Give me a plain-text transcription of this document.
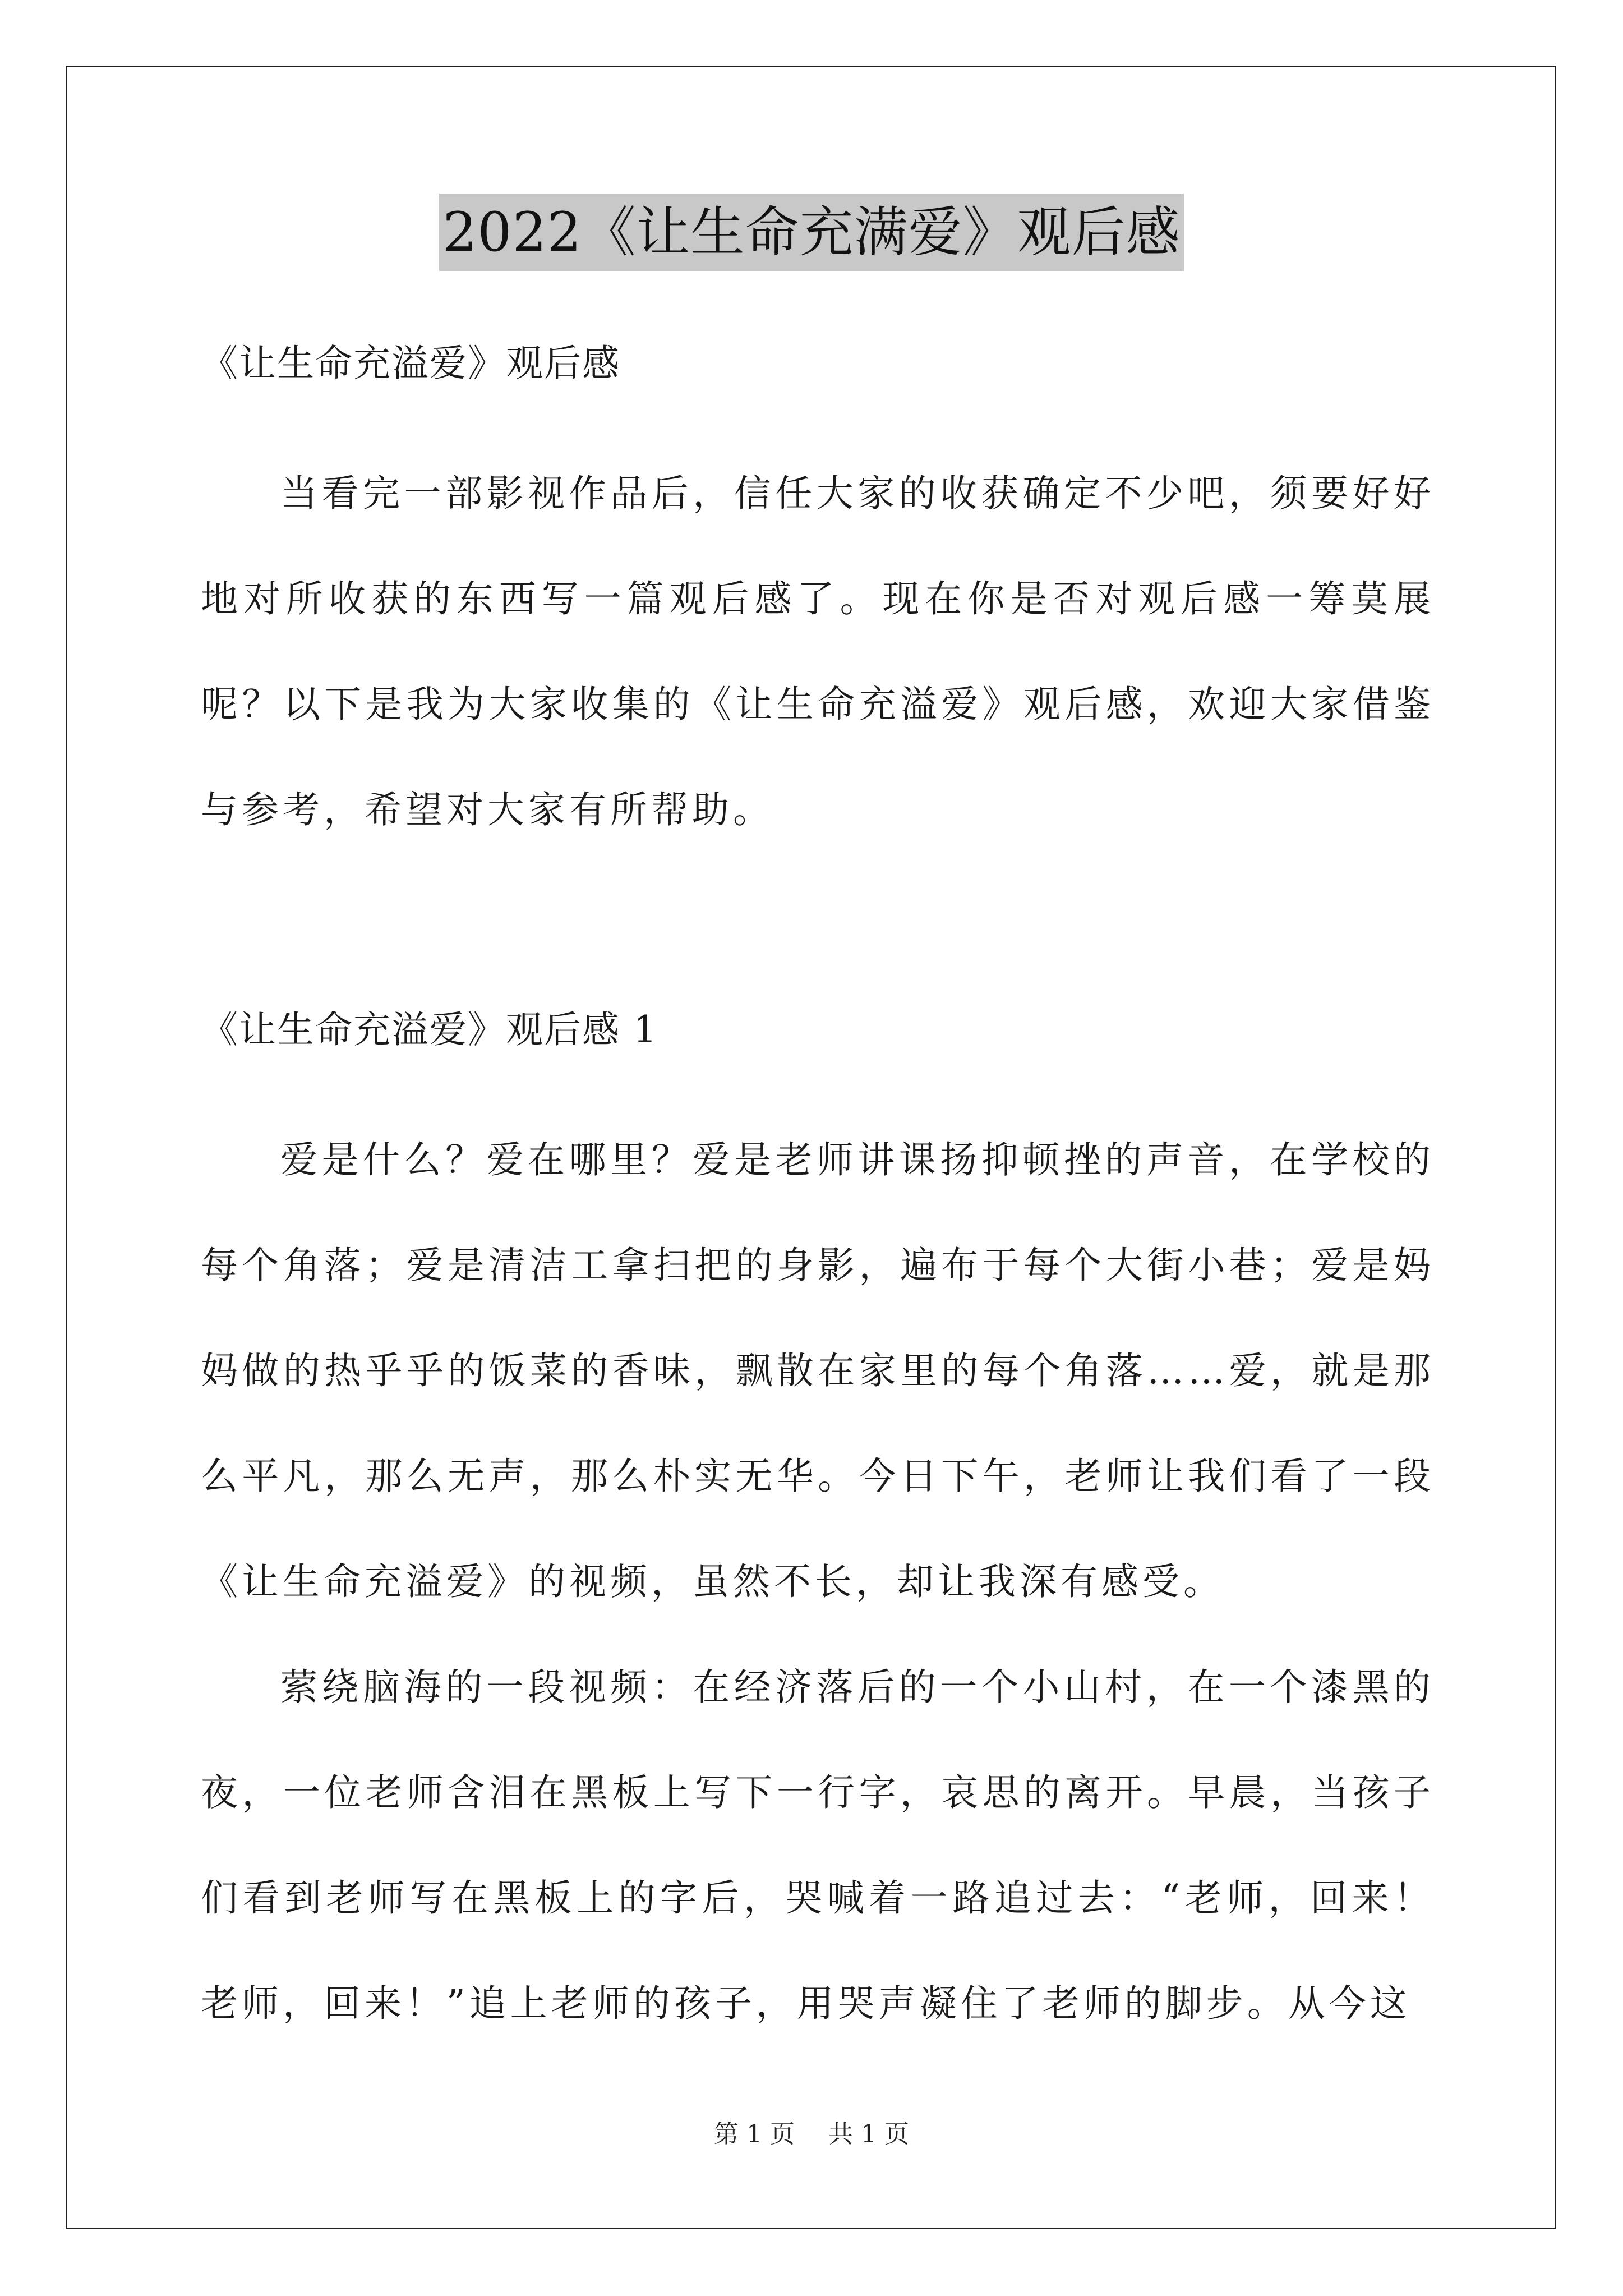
2022《让生命充满爱》观后感

《让生命充溢爱》观后感

当看完一部影视作品后，信任大家的收获确定不少吧，须要好好地对所收获的东西写一篇观后感了。现在你是否对观后感一筹莫展呢？以下是我为大家收集的《让生命充溢爱》观后感，欢迎大家借鉴与参考，希望对大家有所帮助。

《让生命充溢爱》观后感 1

爱是什么？爱在哪里？爱是老师讲课扬抑顿挫的声音，在学校的每个角落；爱是清洁工拿扫把的身影，遍布于每个大街小巷；爱是妈妈做的热乎乎的饭菜的香味，飘散在家里的每个角落……爱，就是那么平凡，那么无声，那么朴实无华。今日下午，老师让我们看了一段《让生命充溢爱》的视频，虽然不长，却让我深有感受。

萦绕脑海的一段视频：在经济落后的一个小山村，在一个漆黑的夜，一位老师含泪在黑板上写下一行字，哀思的离开。早晨，当孩子们看到老师写在黑板上的字后，哭喊着一路追过去：“老师，回来！老师，回来！”追上老师的孩子，用哭声凝住了老师的脚步。从今这

第 1 页 共 1 页
